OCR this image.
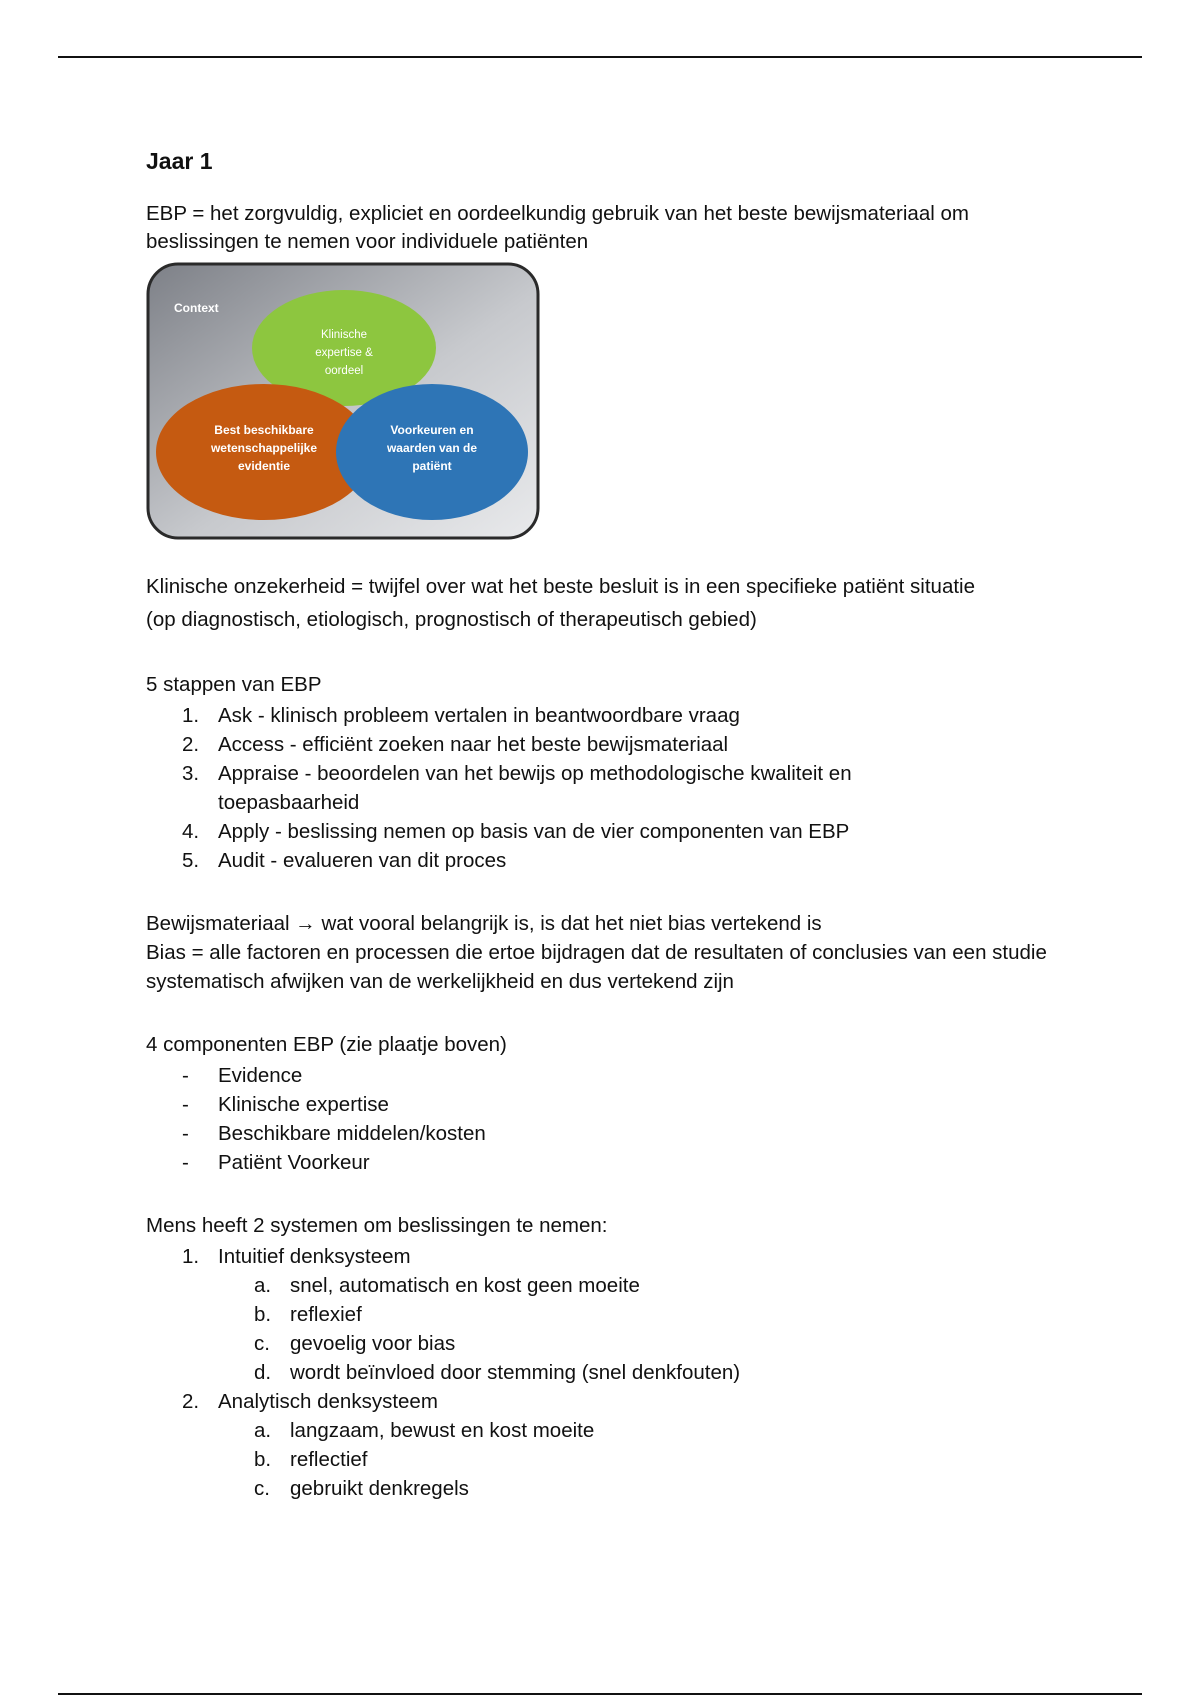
Jaar 1

EBP = het zorgvuldig, expliciet en oordeelkundig gebruik van het beste bewijsmateriaal om beslissingen te nemen voor individuele patiënten

Context
Klinische
expertise &
oordeel
Best beschikbare
wetenschappelijke
evidentie
Voorkeuren en
waarden van de
patiënt

Klinische onzekerheid = twijfel over wat het beste besluit is in een specifieke patiënt situatie

(op diagnostisch, etiologisch, prognostisch of therapeutisch gebied)

5 stappen van EBP

1. Ask - klinisch probleem vertalen in beantwoordbare vraag
2. Access - efficiënt zoeken naar het beste bewijsmateriaal
3. Appraise - beoordelen van het bewijs op methodologische kwaliteit en toepasbaarheid
4. Apply - beslissing nemen op basis van de vier componenten van EBP
5. Audit - evalueren van dit proces

Bewijsmateriaal → wat vooral belangrijk is, is dat het niet bias vertekend is

Bias = alle factoren en processen die ertoe bijdragen dat de resultaten of conclusies van een studie systematisch afwijken van de werkelijkheid en dus vertekend zijn

4 componenten EBP (zie plaatje boven)

- Evidence
- Klinische expertise
- Beschikbare middelen/kosten
- Patiënt Voorkeur

Mens heeft 2 systemen om beslissingen te nemen:

1. Intuitief denksysteem
a. snel, automatisch en kost geen moeite
b. reflexief
c. gevoelig voor bias
d. wordt beïnvloed door stemming (snel denkfouten)
2. Analytisch denksysteem
a. langzaam, bewust en kost moeite
b. reflectief
c. gebruikt denkregels
